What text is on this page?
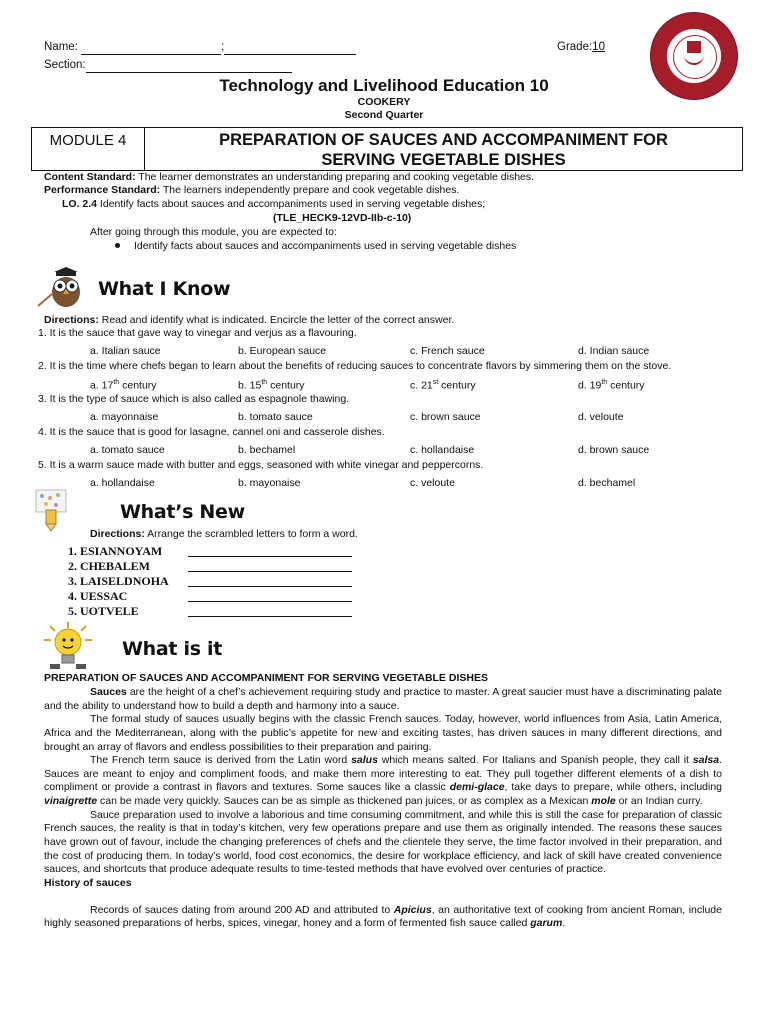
Name:	;	Grade:10
Section:
Technology and Livelihood Education 10
COOKERY
Second Quarter
MODULE 4	PREPARATION OF SAUCES AND ACCOMPANIMENT FOR
SERVING VEGETABLE DISHES
Content Standard: The learner demonstrates an understanding preparing and cooking vegetable dishes.
Performance Standard: The learners independently prepare and cook vegetable dishes.
LO. 2.4 Identify facts about sauces and accompaniments used in serving vegetable dishes;
(TLE_HECK9-12VD-IIb-c-10)
After going through this module, you are expected to:
Identify facts about sauces and accompaniments used in serving vegetable dishes
What I Know
Directions: Read and identify what is indicated. Encircle the letter of the correct answer.
1. It is the sauce that gave way to vinegar and verjus as a flavouring.
a. Italian sauce	b. European sauce	c. French sauce	d. Indian sauce
2. It is the time where chefs began to learn about the benefits of reducing sauces to concentrate flavors by simmering them on the stove.
a. 17th century	b. 15th century	c. 21st century	d. 19th century
3. It is the type of sauce which is also called as espagnole thawing.
a. mayonnaise	b. tomato sauce	c. brown sauce	d. veloute
4. It is the sauce that is good for lasagne, cannel oni and casserole dishes.
a. tomato sauce	b. bechamel	c. hollandaise	d. brown sauce
5. It is a warm sauce made with butter and eggs, seasoned with white vinegar and peppercorns.
a. hollandaise	b. mayonaise	c. veloute	d. bechamel
What’s New
Directions: Arrange the scrambled letters to form a word.
1. ESIANNOYAM
2. CHEBALEM
3. LAISELDNOHA
4. UESSAC
5. UOTVELE
What is it
PREPARATION OF SAUCES AND ACCOMPANIMENT FOR SERVING VEGETABLE DISHES

Sauces are the height of a chef’s achievement requiring study and practice to master. A great saucier must have a discriminating palate and the ability to understand how to build a depth and harmony into a sauce.

The formal study of sauces usually begins with the classic French sauces. Today, however, world influences from Asia, Latin America, Africa and the Mediterranean, along with the public’s appetite for new and exciting tastes, has driven sauces in many different directions, and brought an array of flavors and endless possibilities to their preparation and pairing.

The French term sauce is derived from the Latin word salus which means salted. For Italians and Spanish people, they call it salsa. Sauces are meant to enjoy and compliment foods, and make them more interesting to eat. They pull together different elements of a dish to compliment or provide a contrast in flavors and textures. Some sauces like a classic demi-glace, take days to prepare, while others, including vinaigrette can be made very quickly. Sauces can be as simple as thickened pan juices, or as complex as a Mexican mole or an Indian curry.

Sauce preparation used to involve a laborious and time consuming commitment, and while this is still the case for preparation of classic French sauces, the reality is that in today’s kitchen, very few operations prepare and use them as originally intended. The reasons these sauces have grown out of favour, include the changing preferences of chefs and the clientele they serve, the time factor involved in their preparation, and the cost of producing them. In today’s world, food cost economics, the desire for workplace efficiency, and lack of skill have created convenience sauces, and shortcuts that produce adequate results to time-tested methods that have evolved over centuries of practice.

History of sauces

Records of sauces dating from around 200 AD and attributed to Apicius, an authoritative text of cooking from ancient Roman, include highly seasoned preparations of herbs, spices, vinegar, honey and a form of fermented fish sauce called garum.
